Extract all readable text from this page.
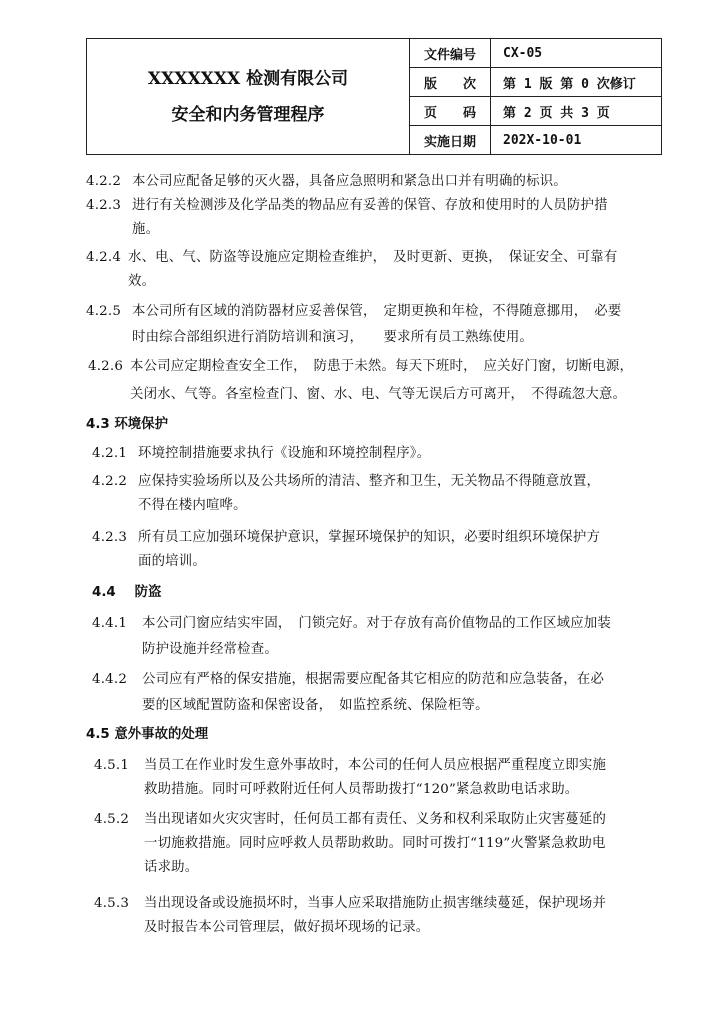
XXXXXXX 检测有限公司
安全和内务管理程序	文件编号	CX-05
	版　　次	第 1 版 第 0 次修订
	页　　码	第 2 页 共 3 页
	实施日期	202X-10-01
4.2.2 本公司应配备足够的灭火器，具备应急照明和紧急出口并有明确的标识。
4.2.3 进行有关检测涉及化学品类的物品应有妥善的保管、存放和使用时的人员防护措
施。
4.2.4 水、电、气、防盗等设施应定期检查维护，　及时更新、更换，　保证安全、可靠有
效。
4.2.5 本公司所有区域的消防器材应妥善保管，　定期更换和年检，不得随意挪用，　必要
时由综合部组织进行消防培训和演习，　　要求所有员工熟练使用。
4.2.6 本公司应定期检查安全工作，　防患于未然。每天下班时，　应关好门窗，切断电源，
关闭水、气等。各室检查门、窗、水、电、气等无误后方可离开，　不得疏忽大意。
4.3 环境保护
4.2.1 环境控制措施要求执行《设施和环境控制程序》。
4.2.2 应保持实验场所以及公共场所的清洁、整齐和卫生，无关物品不得随意放置，
不得在楼内喧哗。
4.2.3 所有员工应加强环境保护意识，掌握环境保护的知识，必要时组织环境保护方
面的培训。
4.4 防盗
4.4.1 本公司门窗应结实牢固，　门锁完好。对于存放有高价值物品的工作区域应加装
防护设施并经常检查。
4.4.2 公司应有严格的保安措施，根据需要应配备其它相应的防范和应急装备，在必
要的区域配置防盗和保密设备，　如监控系统、保险柜等。
4.5 意外事故的处理
4.5.1 当员工在作业时发生意外事故时，本公司的任何人员应根据严重程度立即实施
救助措施。同时可呼救附近任何人员帮助拨打“120”紧急救助电话求助。
4.5.2 当出现诸如火灾灾害时，任何员工都有责任、义务和权利采取防止灾害蔓延的
一切施救措施。同时应呼救人员帮助救助。同时可拨打“119”火警紧急救助电
话求助。
4.5.3 当出现设备或设施损坏时，当事人应采取措施防止损害继续蔓延，保护现场并
及时报告本公司管理层，做好损坏现场的记录。
